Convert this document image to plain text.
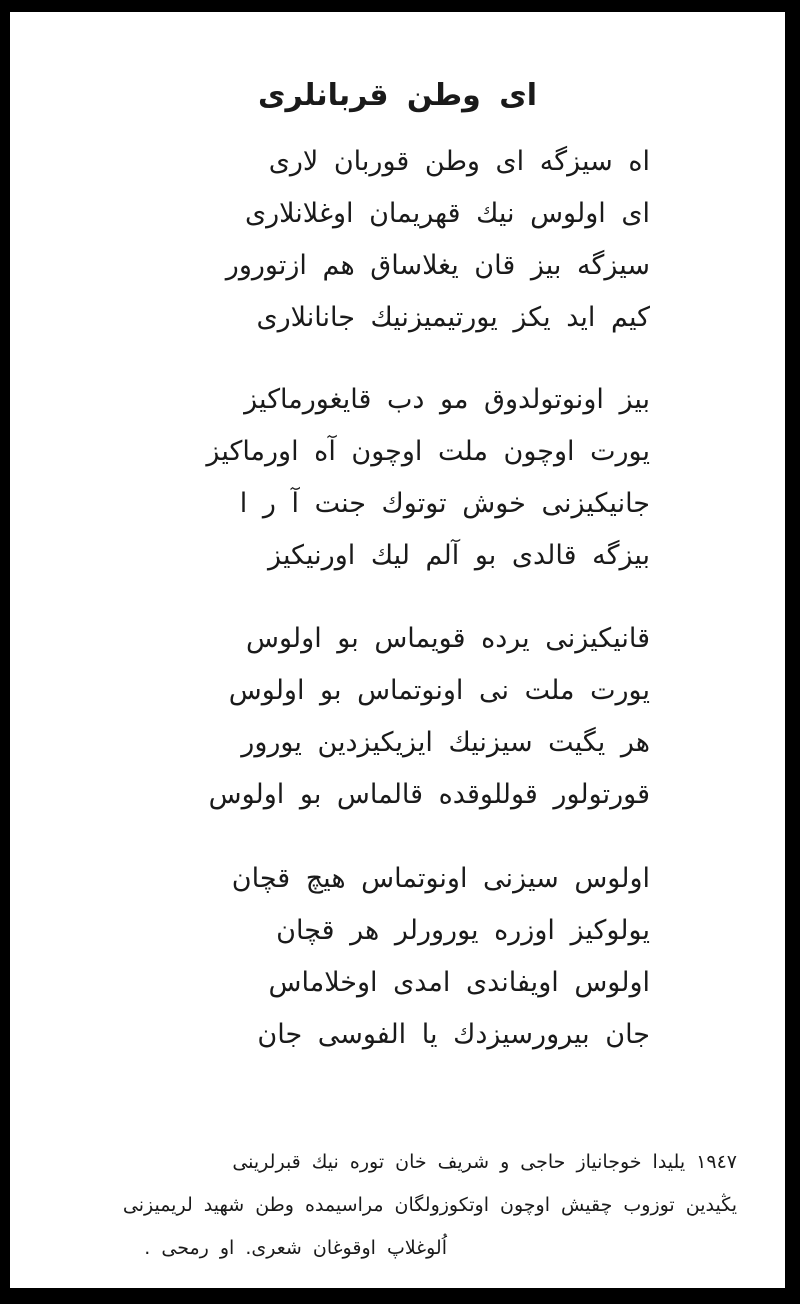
ای وطن قربانلری
اه سیزگه ای وطن قوربان لاری
ای اولوس نیك قهریمان اوغلانلاری
سیزگه بیز قان یغلاساق هم ازتورور
کیم اید یکز یورتیمیزنیك جانانلاری
بیز اونوتولدوق مو دب قایغورماکیز
یورت اوچون ملت اوچون آه اورماکیز
جانیکیزنی خوش توتوك جنت آ ر ا
بیزگه قالدی بو آلم لیك اورنیکیز
قانیکیزنی یرده قویماس بو اولوس
یورت ملت نی اونوتماس بو اولوس
هر یگیت سیزنیك ایزیکیزدین یورور
قورتولور قوللوقده قالماس بو اولوس
اولوس سیزنی اونوتماس هیچ قچان
یولوکیز اوزره یورورلر هر قچان
اولوس اویفاندی امدی اوخلاماس
جان بیرورسیزدك یا الفوسی جان
١٩٤٧ یلیدا خوجانیاز حاجی و شریف خان توره نیك قبرلرینی
یڭیدین توزوب چقیش اوچون اوتکوزولگان مراسیمده وطن شهید لریمیزنی
اُلوغلاپ اوقوغان شعری. او رمحی .
